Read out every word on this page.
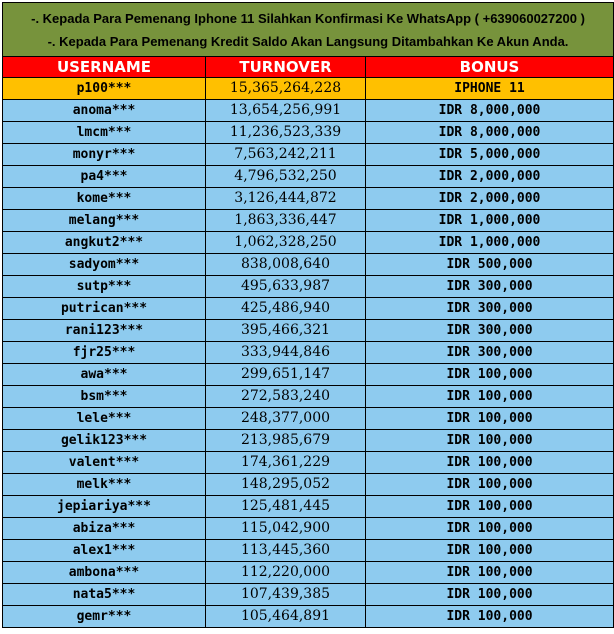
-. Kepada Para Pemenang Iphone 11 Silahkan Konfirmasi Ke WhatsApp ( +639060027200 )
-. Kepada Para Pemenang Kredit Saldo Akan Langsung Ditambahkan Ke Akun Anda.		

USERNAME	TURNOVER	BONUS
p100***	15,365,264,228	IPHONE 11
anoma***	13,654,256,991	IDR 8,000,000
lmcm***	11,236,523,339	IDR 8,000,000
monyr***	7,563,242,211	IDR 5,000,000
pa4***	4,796,532,250	IDR 2,000,000
kome***	3,126,444,872	IDR 2,000,000
melang***	1,863,336,447	IDR 1,000,000
angkut2***	1,062,328,250	IDR 1,000,000
sadyom***	838,008,640	IDR 500,000
sutp***	495,633,987	IDR 300,000
putrican***	425,486,940	IDR 300,000
rani123***	395,466,321	IDR 300,000
fjr25***	333,944,846	IDR 300,000
awa***	299,651,147	IDR 100,000
bsm***	272,583,240	IDR 100,000
lele***	248,377,000	IDR 100,000
gelik123***	213,985,679	IDR 100,000
valent***	174,361,229	IDR 100,000
melk***	148,295,052	IDR 100,000
jepiariya***	125,481,445	IDR 100,000
abiza***	115,042,900	IDR 100,000
alex1***	113,445,360	IDR 100,000
ambona***	112,220,000	IDR 100,000
nata5***	107,439,385	IDR 100,000
gemr***	105,464,891	IDR 100,000
